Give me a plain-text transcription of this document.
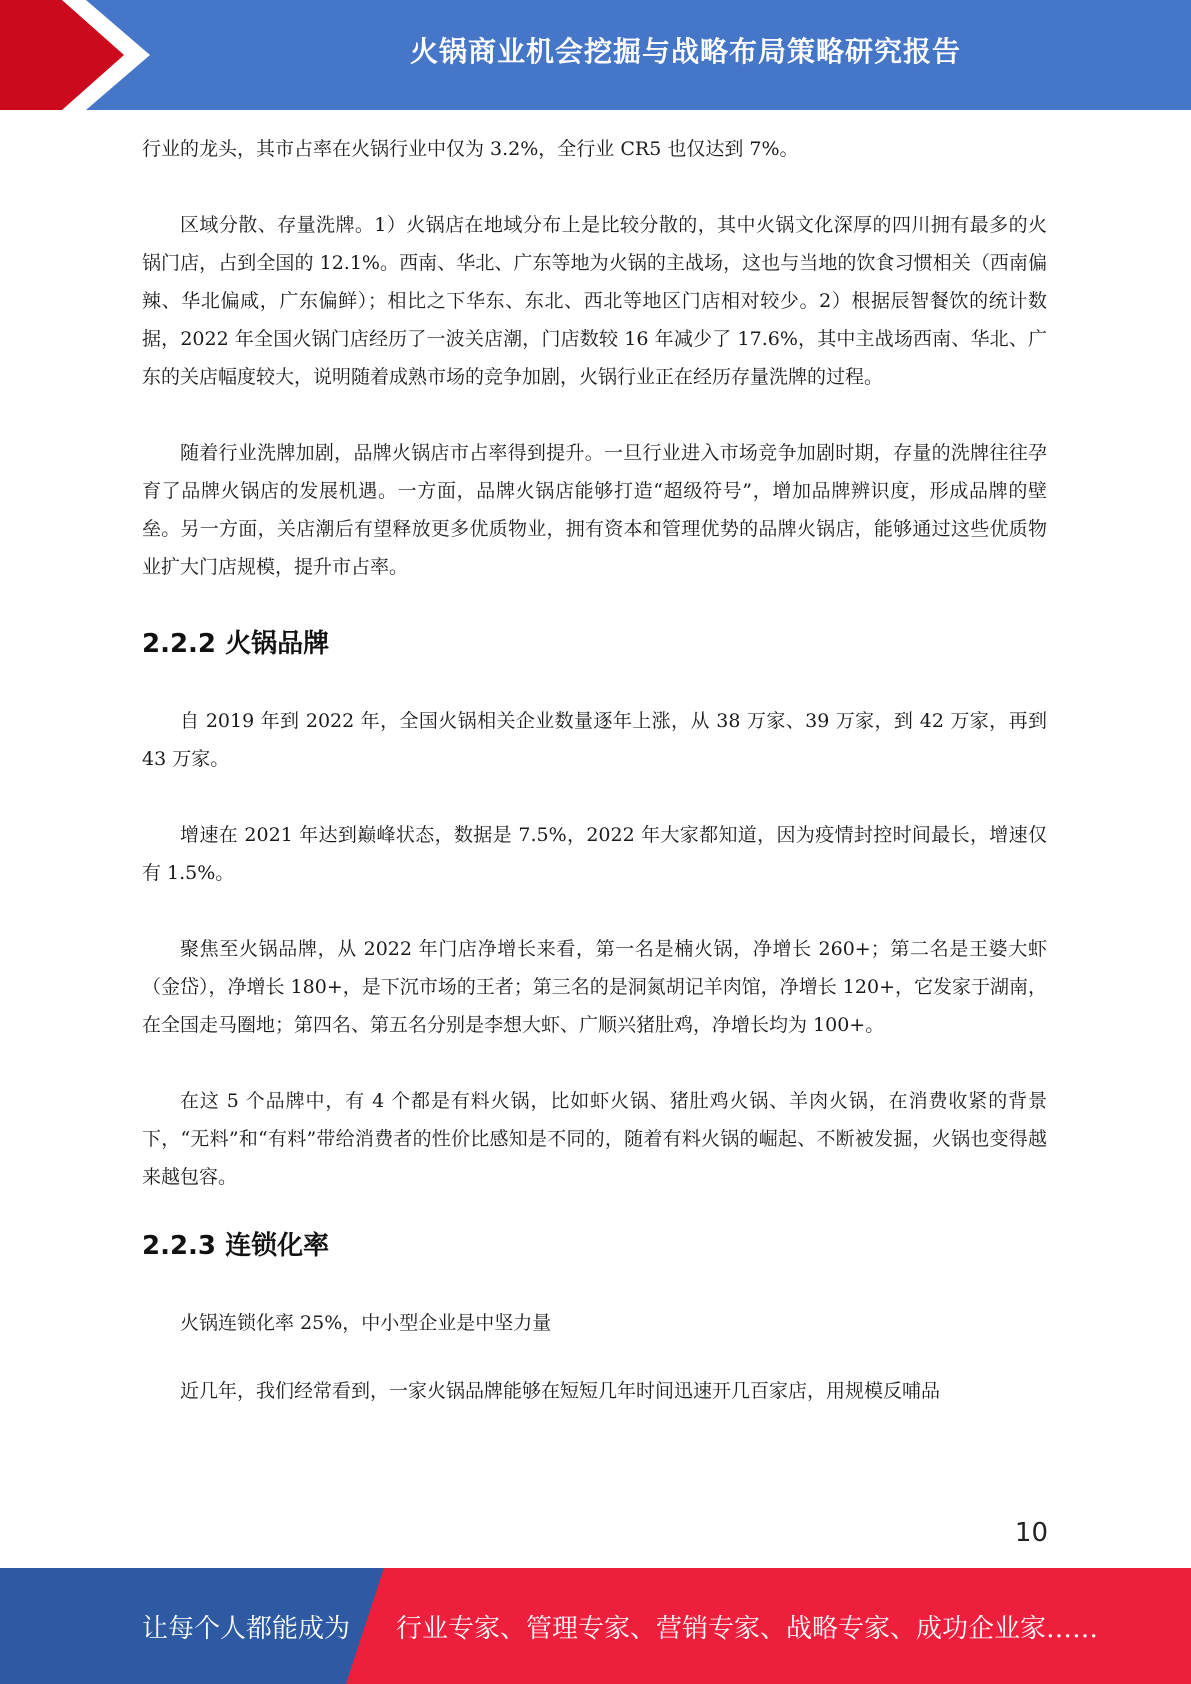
火锅商业机会挖掘与战略布局策略研究报告

行业的龙头，其市占率在火锅行业中仅为 3.2%，全行业 CR5 也仅达到 7%。

区域分散、存量洗牌。1）火锅店在地域分布上是比较分散的，其中火锅文化深厚的四川拥有最多的火锅门店，占到全国的 12.1%。西南、华北、广东等地为火锅的主战场，这也与当地的饮食习惯相关（西南偏辣、华北偏咸，广东偏鲜）；相比之下华东、东北、西北等地区门店相对较少。2）根据辰智餐饮的统计数据，2022 年全国火锅门店经历了一波关店潮，门店数较 16 年减少了 17.6%，其中主战场西南、华北、广东的关店幅度较大，说明随着成熟市场的竞争加剧，火锅行业正在经历存量洗牌的过程。

随着行业洗牌加剧，品牌火锅店市占率得到提升。一旦行业进入市场竞争加剧时期，存量的洗牌往往孕育了品牌火锅店的发展机遇。一方面，品牌火锅店能够打造“超级符号”，增加品牌辨识度，形成品牌的壁垒。另一方面，关店潮后有望释放更多优质物业，拥有资本和管理优势的品牌火锅店，能够通过这些优质物业扩大门店规模，提升市占率。

2.2.2 火锅品牌

自 2019 年到 2022 年，全国火锅相关企业数量逐年上涨，从 38 万家、39 万家，到 42 万家，再到 43 万家。

增速在 2021 年达到巅峰状态，数据是 7.5%，2022 年大家都知道，因为疫情封控时间最长，增速仅有 1.5%。

聚焦至火锅品牌，从 2022 年门店净增长来看，第一名是楠火锅，净增长 260+；第二名是王婆大虾（金岱），净增长 180+，是下沉市场的王者；第三名的是洞氮胡记羊肉馆，净增长 120+，它发家于湖南，在全国走马圈地；第四名、第五名分别是李想大虾、广顺兴猪肚鸡，净增长均为 100+。

在这 5 个品牌中，有 4 个都是有料火锅，比如虾火锅、猪肚鸡火锅、羊肉火锅，在消费收紧的背景下，“无料”和“有料”带给消费者的性价比感知是不同的，随着有料火锅的崛起、不断被发掘，火锅也变得越来越包容。

2.2.3 连锁化率

火锅连锁化率 25%，中小型企业是中坚力量

近几年，我们经常看到，一家火锅品牌能够在短短几年时间迅速开几百家店，用规模反哺品

10
让每个人都能成为 行业专家、管理专家、营销专家、战略专家、成功企业家……
